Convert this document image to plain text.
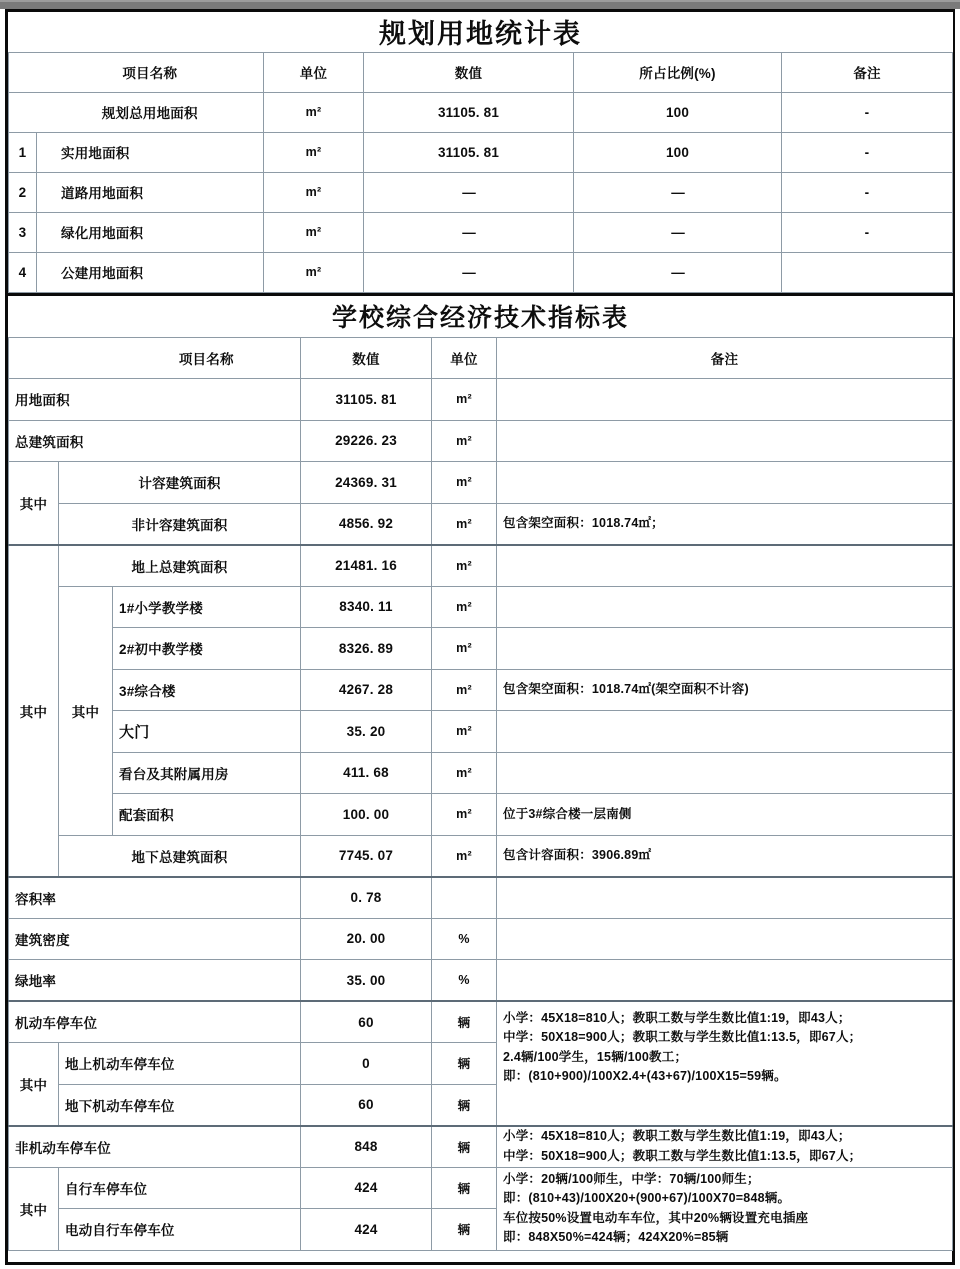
规划用地统计表					
	项目名称	单位	数值	所占比例(%)	备注
	规划总用地面积	m²	31105. 81	100	-
1	实用地面积	m²	31105. 81	100	-
2	道路用地面积	m²	—	—	-
3	绿化用地面积	m²	—	—	-
4	公建用地面积	m²	—	—	
学校综合经济技术指标表					
		项目名称	数值	单位	备注
用地面积			31105. 81	m²	
总建筑面积			29226. 23	m²	
其中	计容建筑面积		24369. 31	m²	
	非计容建筑面积		4856. 92	m²	包含架空面积：1018.74㎡；
其中	地上总建筑面积		21481. 16	m²	
	其中	1#小学教学楼	8340. 11	m²	
		2#初中教学楼	8326. 89	m²	
		3#综合楼	4267. 28	m²	包含架空面积：1018.74㎡(架空面积不计容)
		大门	35. 20	m²	
		看台及其附属用房	411. 68	m²	
		配套面积	100. 00	m²	位于3#综合楼一层南侧
	地下总建筑面积		7745. 07	m²	包含计容面积：3906.89㎡
容积率			0. 78		
建筑密度			20. 00	%	
绿地率			35. 00	%	
机动车停车位			60	辆	小学：45X18=810人；教职工数与学生数比值1:19，即43人；
中学：50X18=900人；教职工数与学生数比值1:13.5，即67人；
2.4辆/100学生，15辆/100教工；
即：(810+900)/100X2.4+(43+67)/100X15=59辆。

其中	地上机动车停车位		0	辆	
	地下机动车停车位		60	辆	
非机动车停车位			848	辆	小学：45X18=810人；教职工数与学生数比值1:19，即43人；
中学：50X18=900人；教职工数与学生数比值1:13.5，即67人；

其中	自行车停车位		424	辆	小学：20辆/100师生，中学：70辆/100师生；
即：(810+43)/100X20+(900+67)/100X70=848辆。
车位按50%设置电动车车位，其中20%辆设置充电插座
即：848X50%=424辆；424X20%=85辆

	电动自行车停车位		424	辆	
